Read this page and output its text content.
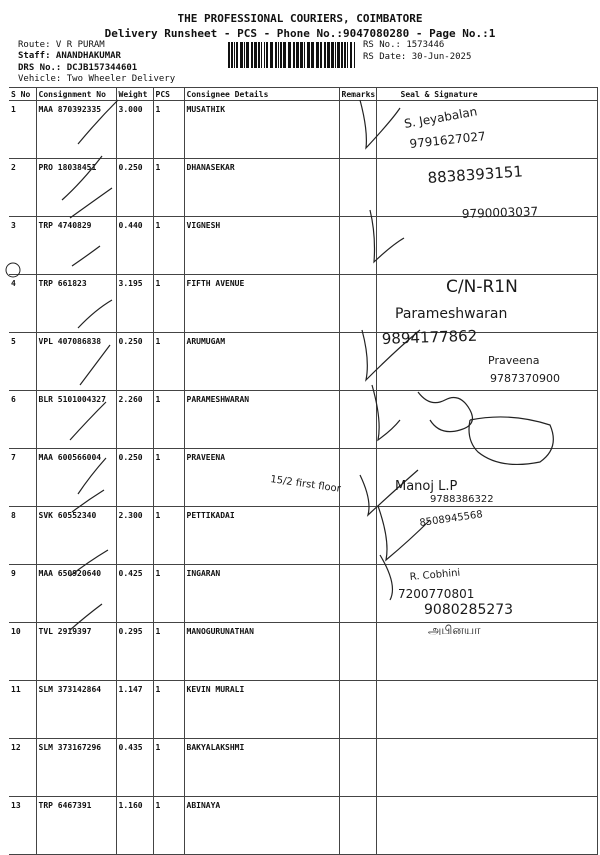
THE PROFESSIONAL COURIERS, COIMBATORE
Delivery Runsheet - PCS - Phone No.:9047080280 - Page No.:1
Route: V R PURAM
Staff: ANANDHAKUMAR
DRS No.: DCJB157344601
Vehicle: Two Wheeler Delivery
RS No.: 1573446
RS Date: 30-Jun-2025
S No	Consignment No	Weight	PCS	Consignee Details	Remarks	Seal & Signature
1	MAA 870392335	3.000	1	MUSATHIK		
2	PRO 18038451	0.250	1	DHANASEKAR		
3	TRP 4740829	0.440	1	VIGNESH		
4	TRP 661823	3.195	1	FIFTH AVENUE		
5	VPL 407086838	0.250	1	ARUMUGAM		
6	BLR 5101004327	2.260	1	PARAMESHWARAN		
7	MAA 600566004	0.250	1	PRAVEENA		
8	SVK 60552340	2.300	1	PETTIKADAI		
9	MAA 650920640	0.425	1	INGARAN		
10	TVL 2919397	0.295	1	MANOGURUNATHAN		
11	SLM 373142864	1.147	1	KEVIN MURALI		
12	SLM 373167296	0.435	1	BAKYALAKSHMI		
13	TRP 6467391	1.160	1	ABINAYA		
S. Jeyabalan
9791627027
8838393151
9790003037
C/N-R1N
Parameshwaran
9894177862
Praveena
9787370900
15/2 first floor	Manoj L.P
9788386322
8508945568
R. Cobhini
7200770801
9080285273
அபினயா
